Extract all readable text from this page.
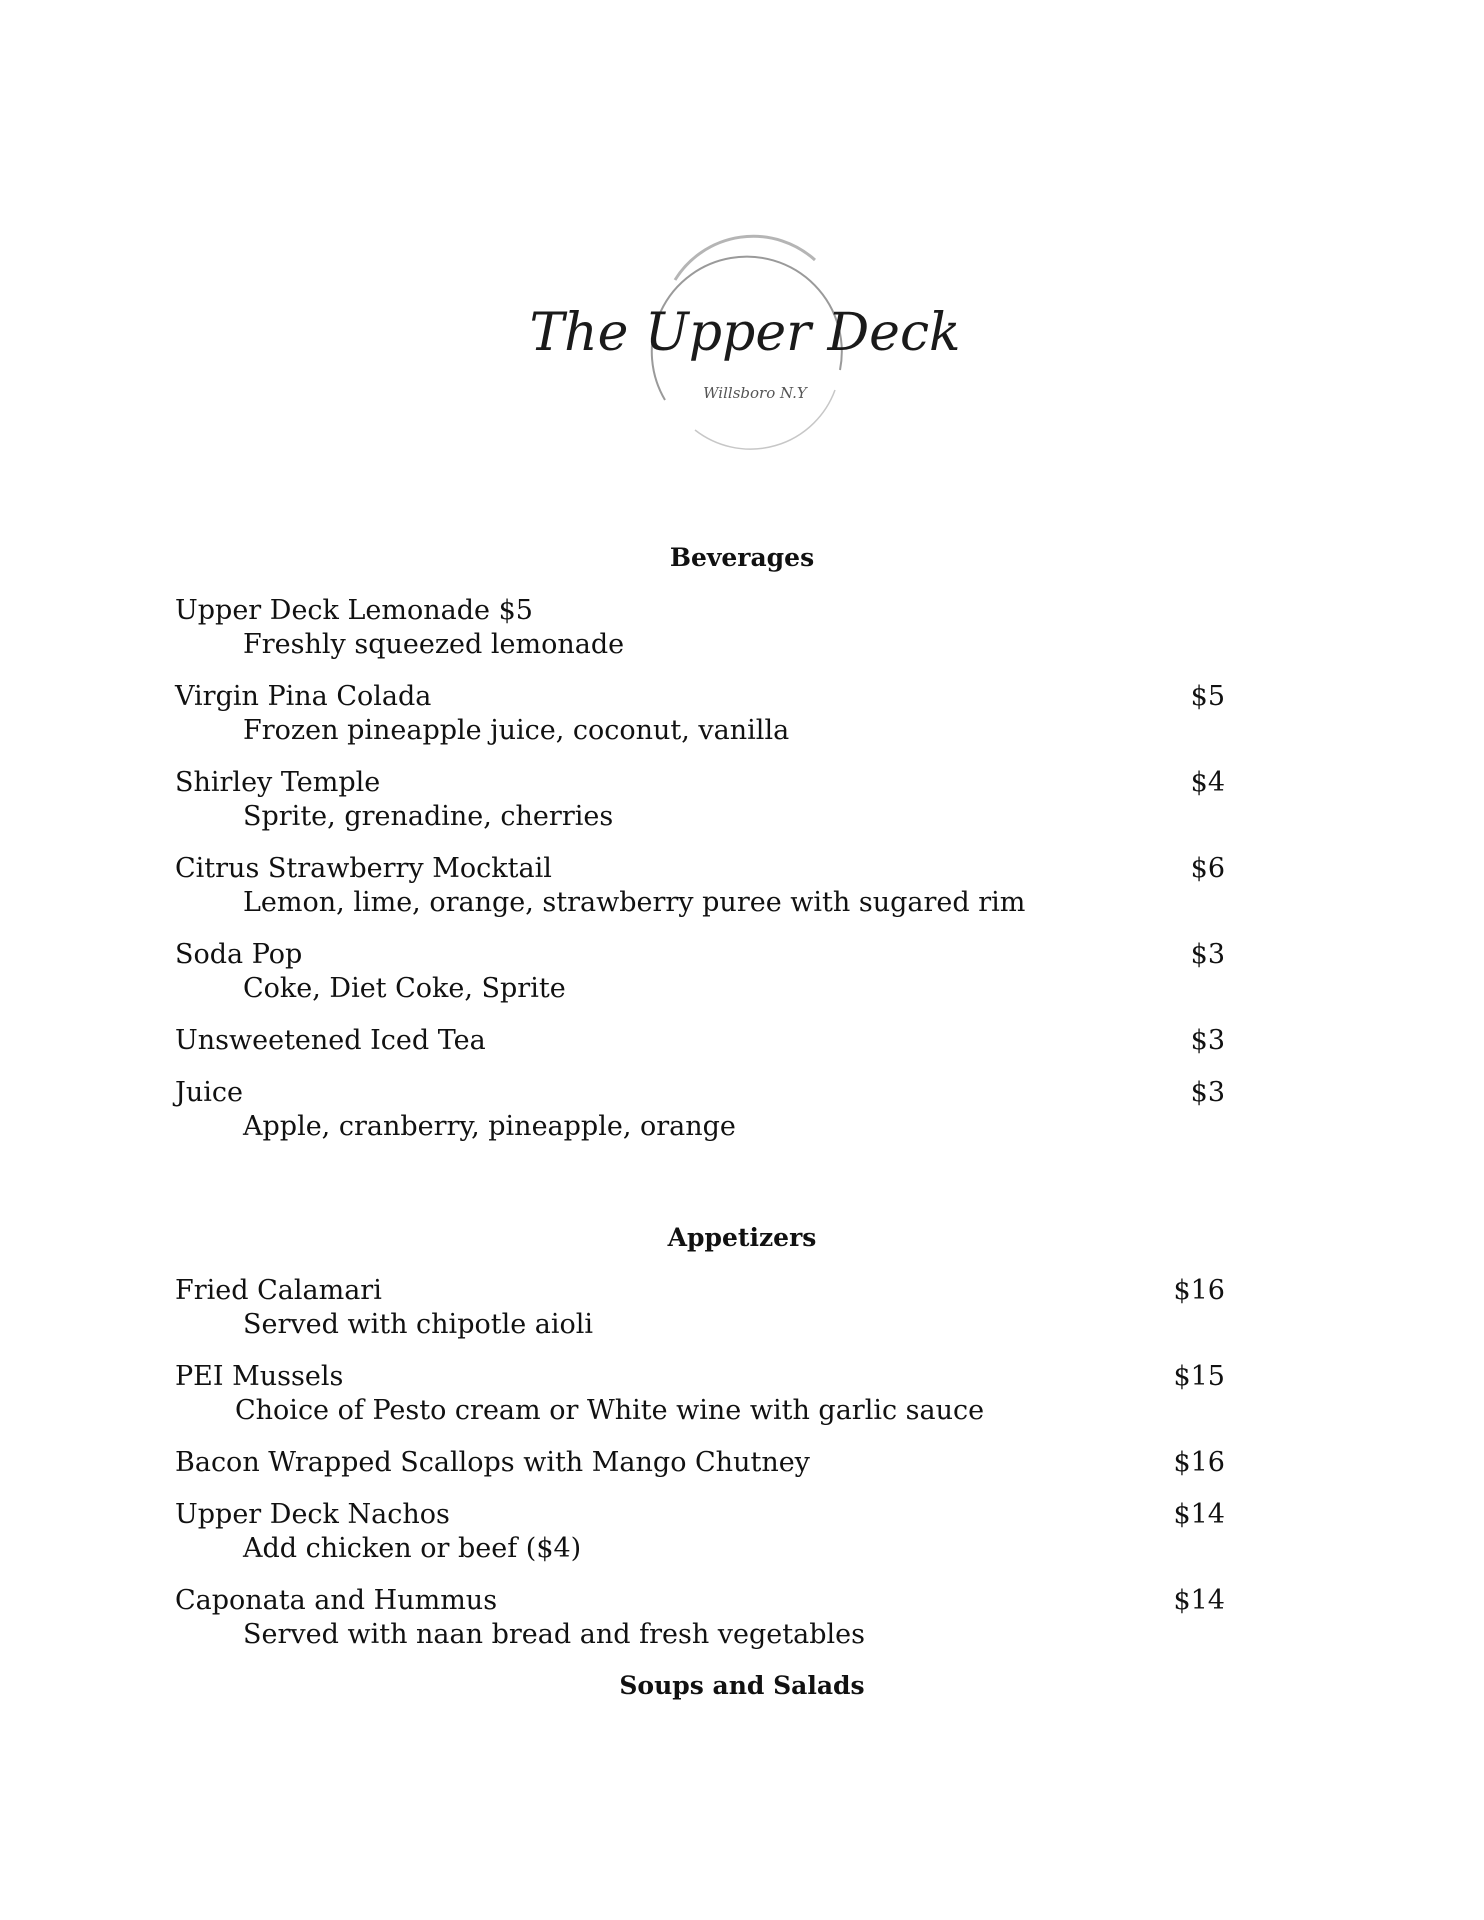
The Upper Deck
Willsboro N.Y
Beverages
Upper Deck Lemonade $5
Freshly squeezed lemonade
Virgin Pina Colada	$5
Frozen pineapple juice, coconut, vanilla
Shirley Temple	$4
Sprite, grenadine, cherries
Citrus Strawberry Mocktail	$6
Lemon, lime, orange, strawberry puree with sugared rim
Soda Pop	$3
Coke, Diet Coke, Sprite
Unsweetened Iced Tea	$3
Juice	$3
Apple, cranberry, pineapple, orange
Appetizers
Fried Calamari	$16
Served with chipotle aioli
PEI Mussels	$15
Choice of Pesto cream or White wine with garlic sauce
Bacon Wrapped Scallops with Mango Chutney	$16
Upper Deck Nachos	$14
Add chicken or beef ($4)
Caponata and Hummus	$14
Served with naan bread and fresh vegetables
Soups and Salads
